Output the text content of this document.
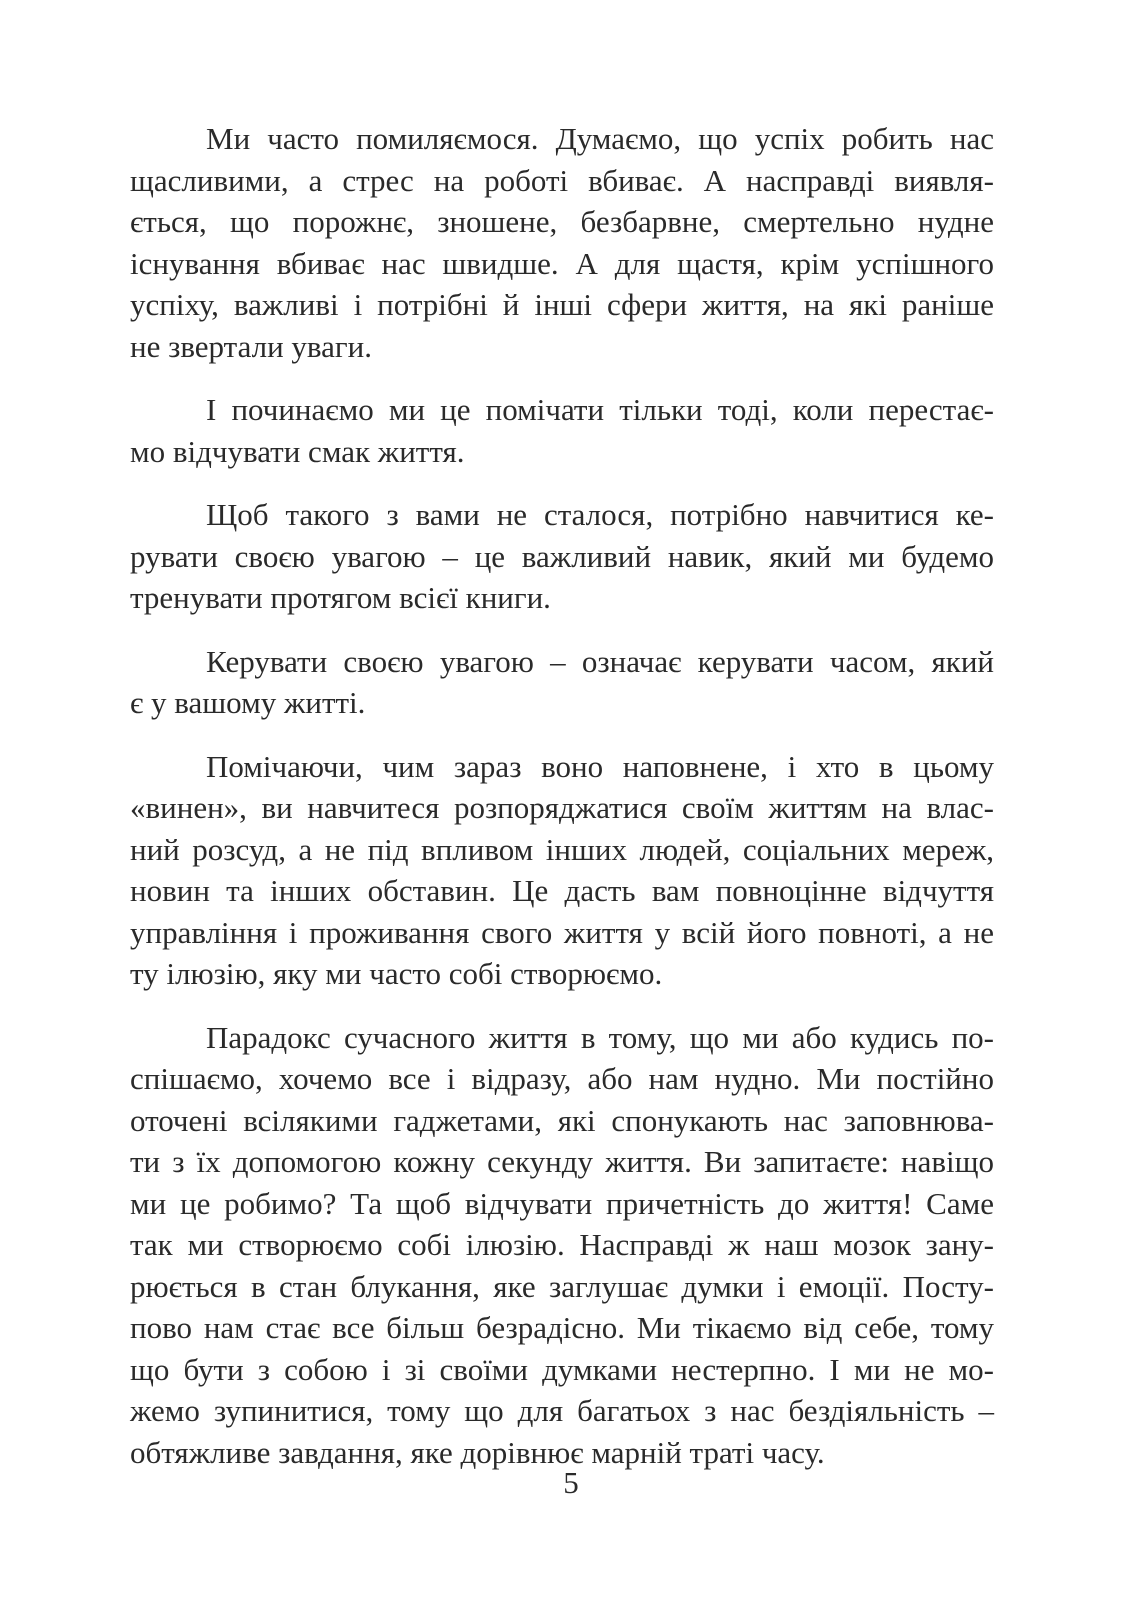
Ми часто помиляємося. Думаємо, що успіх робить нас
щасливими, а стрес на роботі вбиває. А насправді виявля-
ється, що порожнє, зношене, безбарвне, смертельно нудне
існування вбиває нас швидше. А для щастя, крім успішного
успіху, важливі і потрібні й інші сфери життя, на які раніше
не звертали уваги.
І починаємо ми це помічати тільки тоді, коли перестає-
мо відчувати смак життя.
Щоб такого з вами не сталося, потрібно навчитися ке-
рувати своєю увагою – це важливий навик, який ми будемо
тренувати протягом всієї книги.
Керувати своєю увагою – означає керувати часом, який
є у вашому житті.
Помічаючи, чим зараз воно наповнене, і хто в цьому
«винен», ви навчитеся розпоряджатися своїм життям на влас-
ний розсуд, а не під впливом інших людей, соціальних мереж,
новин та інших обставин. Це дасть вам повноцінне відчуття
управління і проживання свого життя у всій його повноті, а не
ту ілюзію, яку ми часто собі створюємо.
Парадокс сучасного життя в тому, що ми або кудись по-
спішаємо, хочемо все і відразу, або нам нудно. Ми постійно
оточені всілякими гаджетами, які спонукають нас заповнюва-
ти з їх допомогою кожну секунду життя. Ви запитаєте: навіщо
ми це робимо? Та щоб відчувати причетність до життя! Саме
так ми створюємо собі ілюзію. Насправді ж наш мозок зану-
рюється в стан блукання, яке заглушає думки і емоції. Посту-
пово нам стає все більш безрадісно. Ми тікаємо від себе, тому
що бути з собою і зі своїми думками нестерпно. І ми не мо-
жемо зупинитися, тому що для багатьох з нас бездіяльність –
обтяжливе завдання, яке дорівнює марній траті часу.
5
